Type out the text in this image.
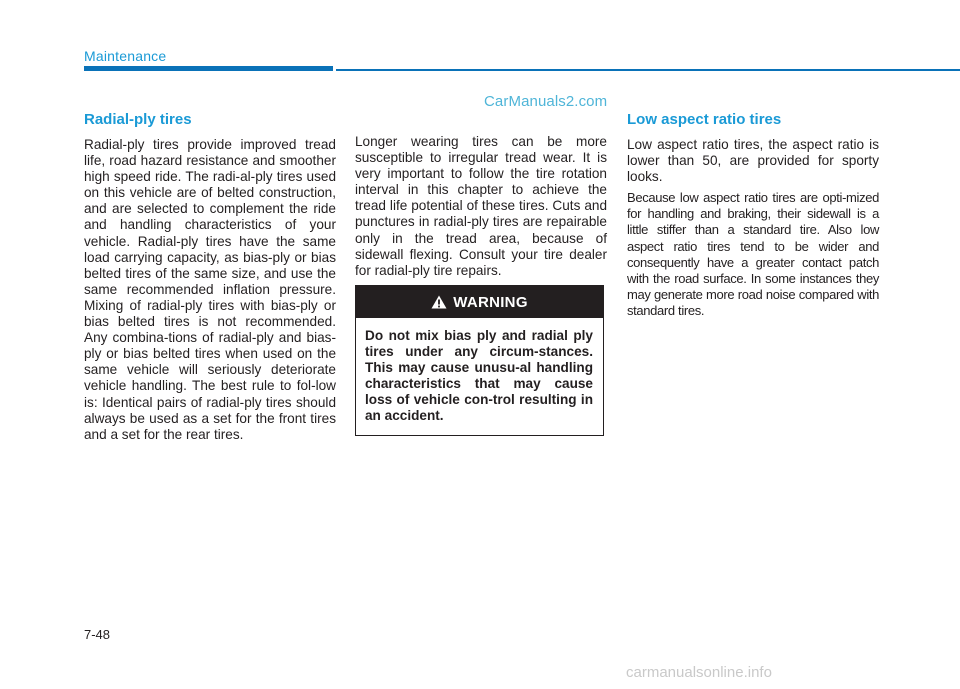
Maintenance
CarManuals2.com
Radial-ply tires

Radial-ply tires provide improved tread life, road hazard resistance and smoother high speed ride. The radi-al-ply tires used on this vehicle are of belted construction, and are selected to complement the ride and handling characteristics of your vehicle. Radial-ply tires have the same load carrying capacity, as bias-ply or bias belted tires of the same size, and use the same recommended inflation pressure. Mixing of radial-ply tires with bias-ply or bias belted tires is not recommended. Any combina-tions of radial-ply and bias-ply or bias belted tires when used on the same vehicle will seriously deteriorate vehicle handling. The best rule to fol-low is: Identical pairs of radial-ply tires should always be used as a set for the front tires and a set for the rear tires.

Longer wearing tires can be more susceptible to irregular tread wear. It is very important to follow the tire rotation interval in this chapter to achieve the tread life potential of these tires. Cuts and punctures in radial-ply tires are repairable only in the tread area, because of sidewall flexing. Consult your tire dealer for radial-ply tire repairs.

WARNING
Do not mix bias ply and radial ply tires under any circum-stances. This may cause unusu-al handling characteristics that may cause loss of vehicle con-trol resulting in an accident.
Low aspect ratio tires

Low aspect ratio tires, the aspect ratio is lower than 50, are provided for sporty looks.

Because low aspect ratio tires are opti-mized for handling and braking, their sidewall is a little stiffer than a standard tire. Also low aspect ratio tires tend to be wider and consequently have a greater contact patch with the road surface. In some instances they may generate more road noise compared with standard tires.

7-48
carmanualsonline.info
